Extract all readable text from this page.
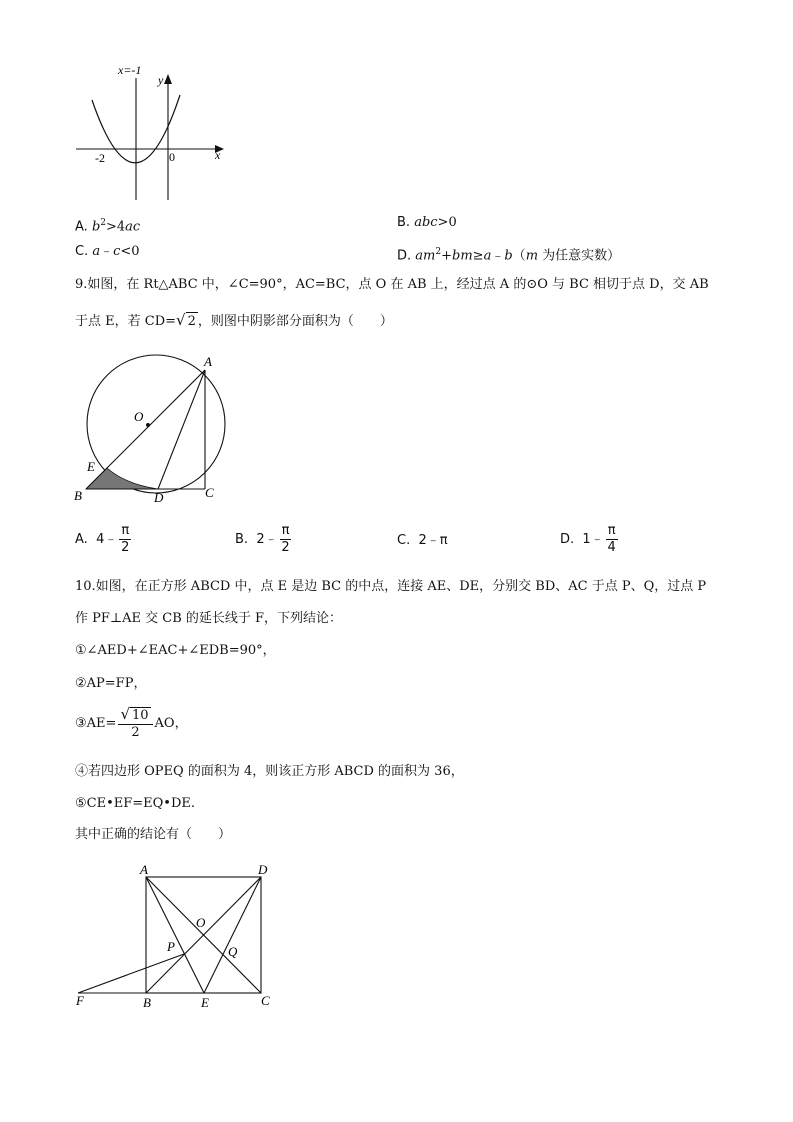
x=-1
y
x
-2	0
A. $b^2>4ac$	B. abc>0
C. a﹣c<0	D. $am^2+bm\ge a﹣b(m$ 为任意实数）
9.如图，在 Rt△ABC 中，∠C=90°，AC=BC，点 O 在 AB 上，经过点 A 的⊙O 与 BC 相切于点 D，交 AB
于点 E，若 CD=√ 2 ，则图中阴影部分面积为（　　）
A
O
E
B	D	C
A. 4﹣ $\frac{\pi}{2}$	B. 2﹣ $\frac{\pi}{2}$	C. 2﹣π	D. 1﹣ $\frac{\pi}{4}$
10.如图，在正方形 ABCD 中，点 E 是边 BC 的中点，连接 AE、DE，分别交 BD、AC 于点 P、Q，过点 P
作 PF⊥AE 交 CB 的延长线于 F，下列结论：
①∠AED+∠EAC+∠EDB=90°，
②AP=FP，
③AE= $\frac{√ 10}{2}$ AO，
④若四边形 OPEQ 的面积为 4，则该正方形 ABCD 的面积为 36，
⑤CE•EF=EQ•DE.
其中正确的结论有（　　）
A	D
O
P	Q
F	B	E	C
